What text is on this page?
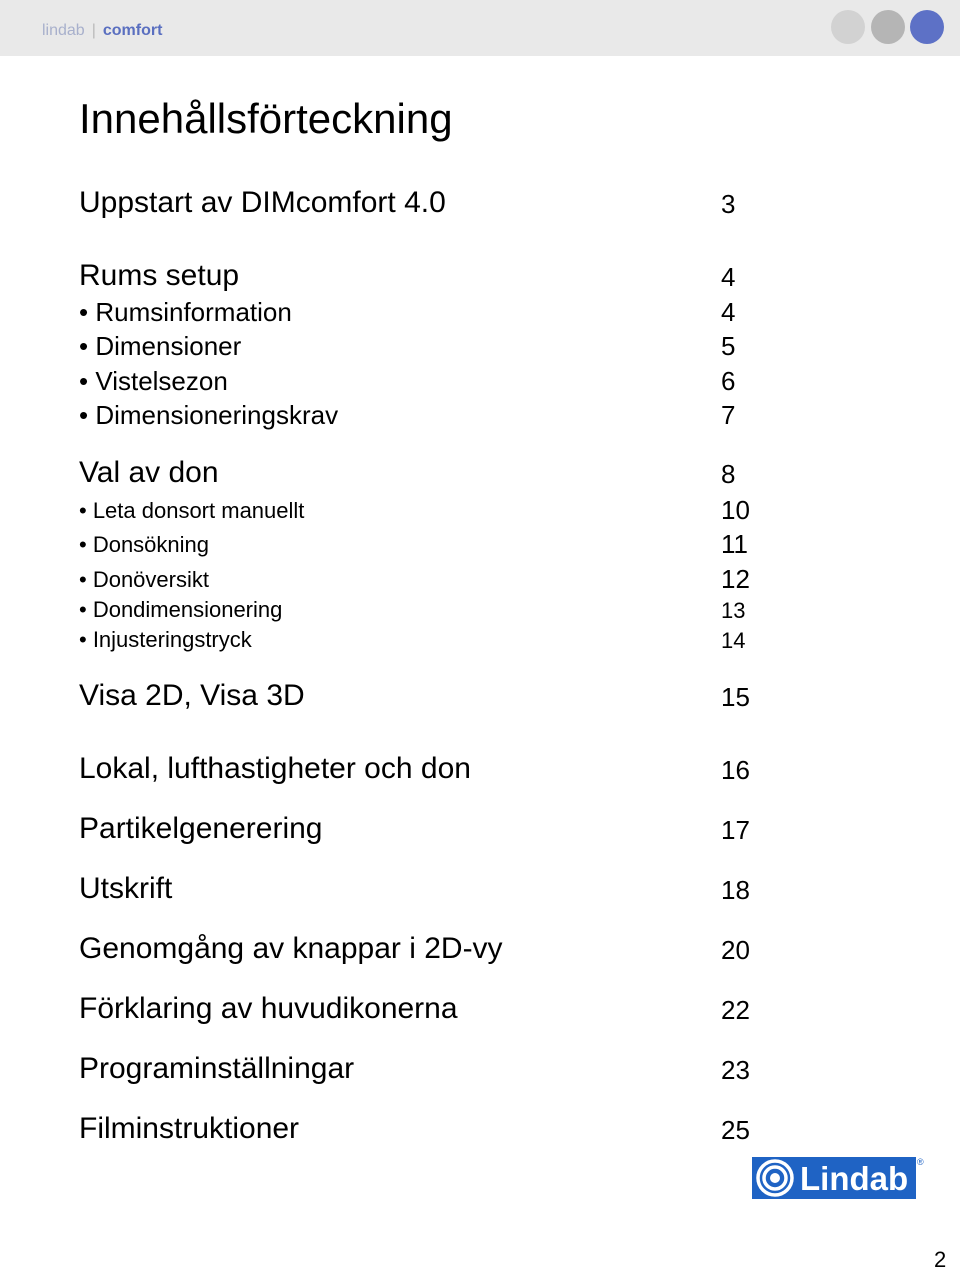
lindab | comfort
Innehållsförteckning
Uppstart av DIMcomfort 4.0	3
Rums setup	4
• Rumsinformation	4
• Dimensioner	5
• Vistelsezon	6
• Dimensioneringskrav	7
Val av don	8
• Leta donsort manuellt	10
• Donsökning	11
• Donöversikt	12
• Dondimensionering	13
• Injusteringstryck	14
Visa 2D, Visa 3D	15
Lokal, lufthastigheter och don	16
Partikelgenerering	17
Utskrift	18
Genomgång av knappar i 2D-vy	20
Förklaring av huvudikonerna	22
Programinställningar	23
Filminstruktioner	25
Lindab ®
2
